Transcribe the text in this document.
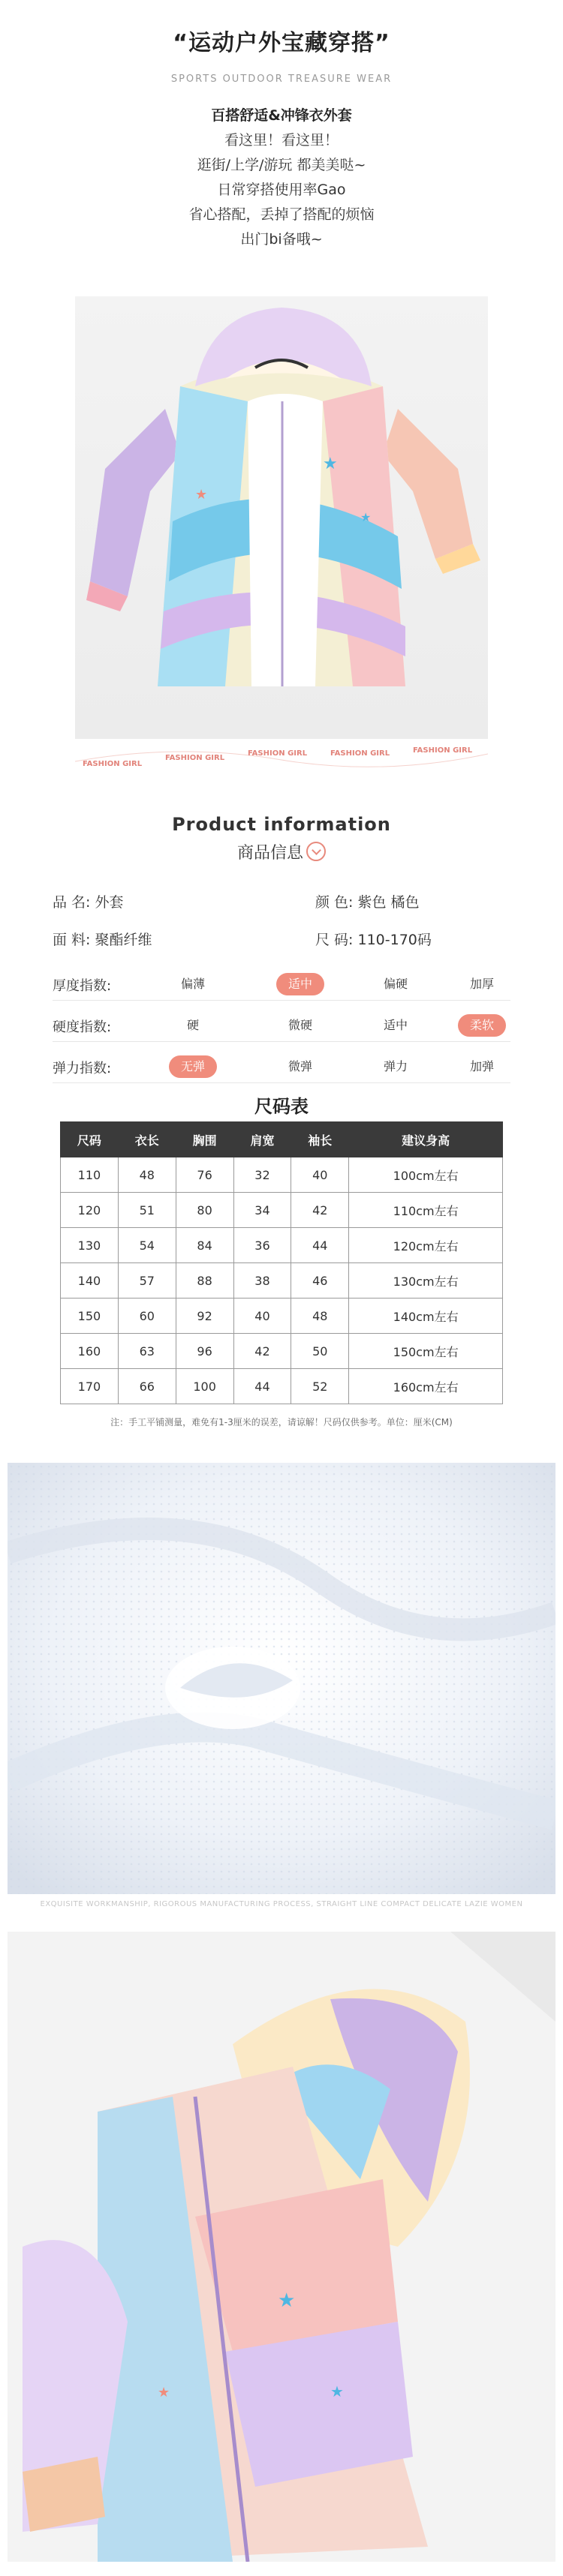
“运动户外宝藏穿搭”
SPORTS OUTDOOR TREASURE WEAR
百搭舒适&冲锋衣外套
看这里！看这里！
逛街/上学/游玩 都美美哒~
日常穿搭使用率Gao
省心搭配，丢掉了搭配的烦恼
出门bi备哦~
★
★
★
FASHION GIRL
FASHION GIRL
FASHION GIRL	FASHION GIRL	FASHION GIRL
Product information
商品信息
品 名: 外套	颜 色: 紫色 橘色
面 料: 聚酯纤维	尺 码: 110-170码
厚度指数:	偏薄	适中	偏硬	加厚
硬度指数:	硬	微硬	适中	柔软
弹力指数:	无弹	微弹	弹力	加弹
尺码表
尺码	衣长	胸围	肩宽	袖长	建议身高
110	48	76	32	40	100cm左右
120	51	80	34	42	110cm左右
130	54	84	36	44	120cm左右
140	57	88	38	46	130cm左右
150	60	92	40	48	140cm左右
160	63	96	42	50	150cm左右
170	66	100	44	52	160cm左右
注：手工平铺测量，难免有1-3厘米的误差，请谅解！尺码仅供参考。单位：厘米(CM)
EXQUISITE WORKMANSHIP, RIGOROUS MANUFACTURING PROCESS, STRAIGHT LINE COMPACT DELICATE LAZIE WOMEN
★
★
★
